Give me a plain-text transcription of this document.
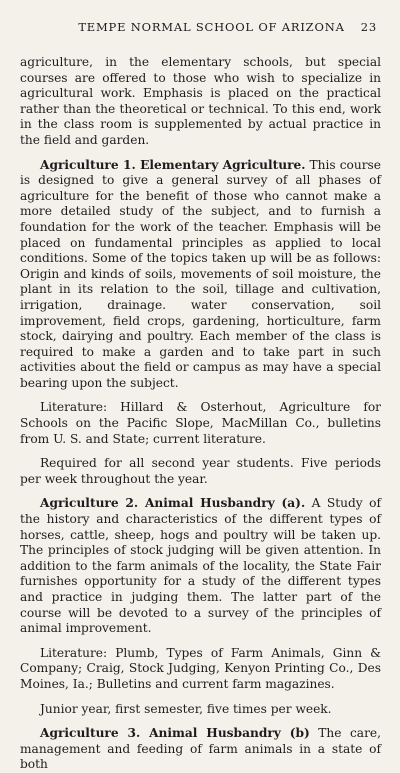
TEMPE NORMAL SCHOOL OF ARIZONA 23

agriculture, in the elementary schools, but special courses are offered to those who wish to specialize in agricultural work. Emphasis is placed on the practical rather than the theoretical or technical. To this end, work in the class room is supplemented by actual practice in the field and garden.

Agriculture 1. Elementary Agriculture. This course is designed to give a general survey of all phases of agriculture for the benefit of those who cannot make a more detailed study of the subject, and to furnish a foundation for the work of the teacher. Emphasis will be placed on fundamental principles as applied to local conditions. Some of the topics taken up will be as follows: Origin and kinds of soils, movements of soil moisture, the plant in its relation to the soil, tillage and cultivation, irrigation, drainage. water conservation, soil improvement, field crops, gardening, horticulture, farm stock, dairying and poultry. Each member of the class is required to make a garden and to take part in such activities about the field or campus as may have a special bearing upon the subject.

Literature: Hillard & Osterhout, Agriculture for Schools on the Pacific Slope, MacMillan Co., bulletins from U. S. and State; current literature.

Required for all second year students. Five periods per week throughout the year.

Agriculture 2. Animal Husbandry (a). A Study of the history and characteristics of the different types of horses, cattle, sheep, hogs and poultry will be taken up. The principles of stock judging will be given attention. In addition to the farm animals of the locality, the State Fair furnishes opportunity for a study of the different types and practice in judging them. The latter part of the course will be devoted to a survey of the principles of animal improvement.

Literature: Plumb, Types of Farm Animals, Ginn & Company; Craig, Stock Judging, Kenyon Printing Co., Des Moines, Ia.; Bulletins and current farm magazines.

Junior year, first semester, five times per week.

Agriculture 3. Animal Husbandry (b) The care, management and feeding of farm animals in a state of both
